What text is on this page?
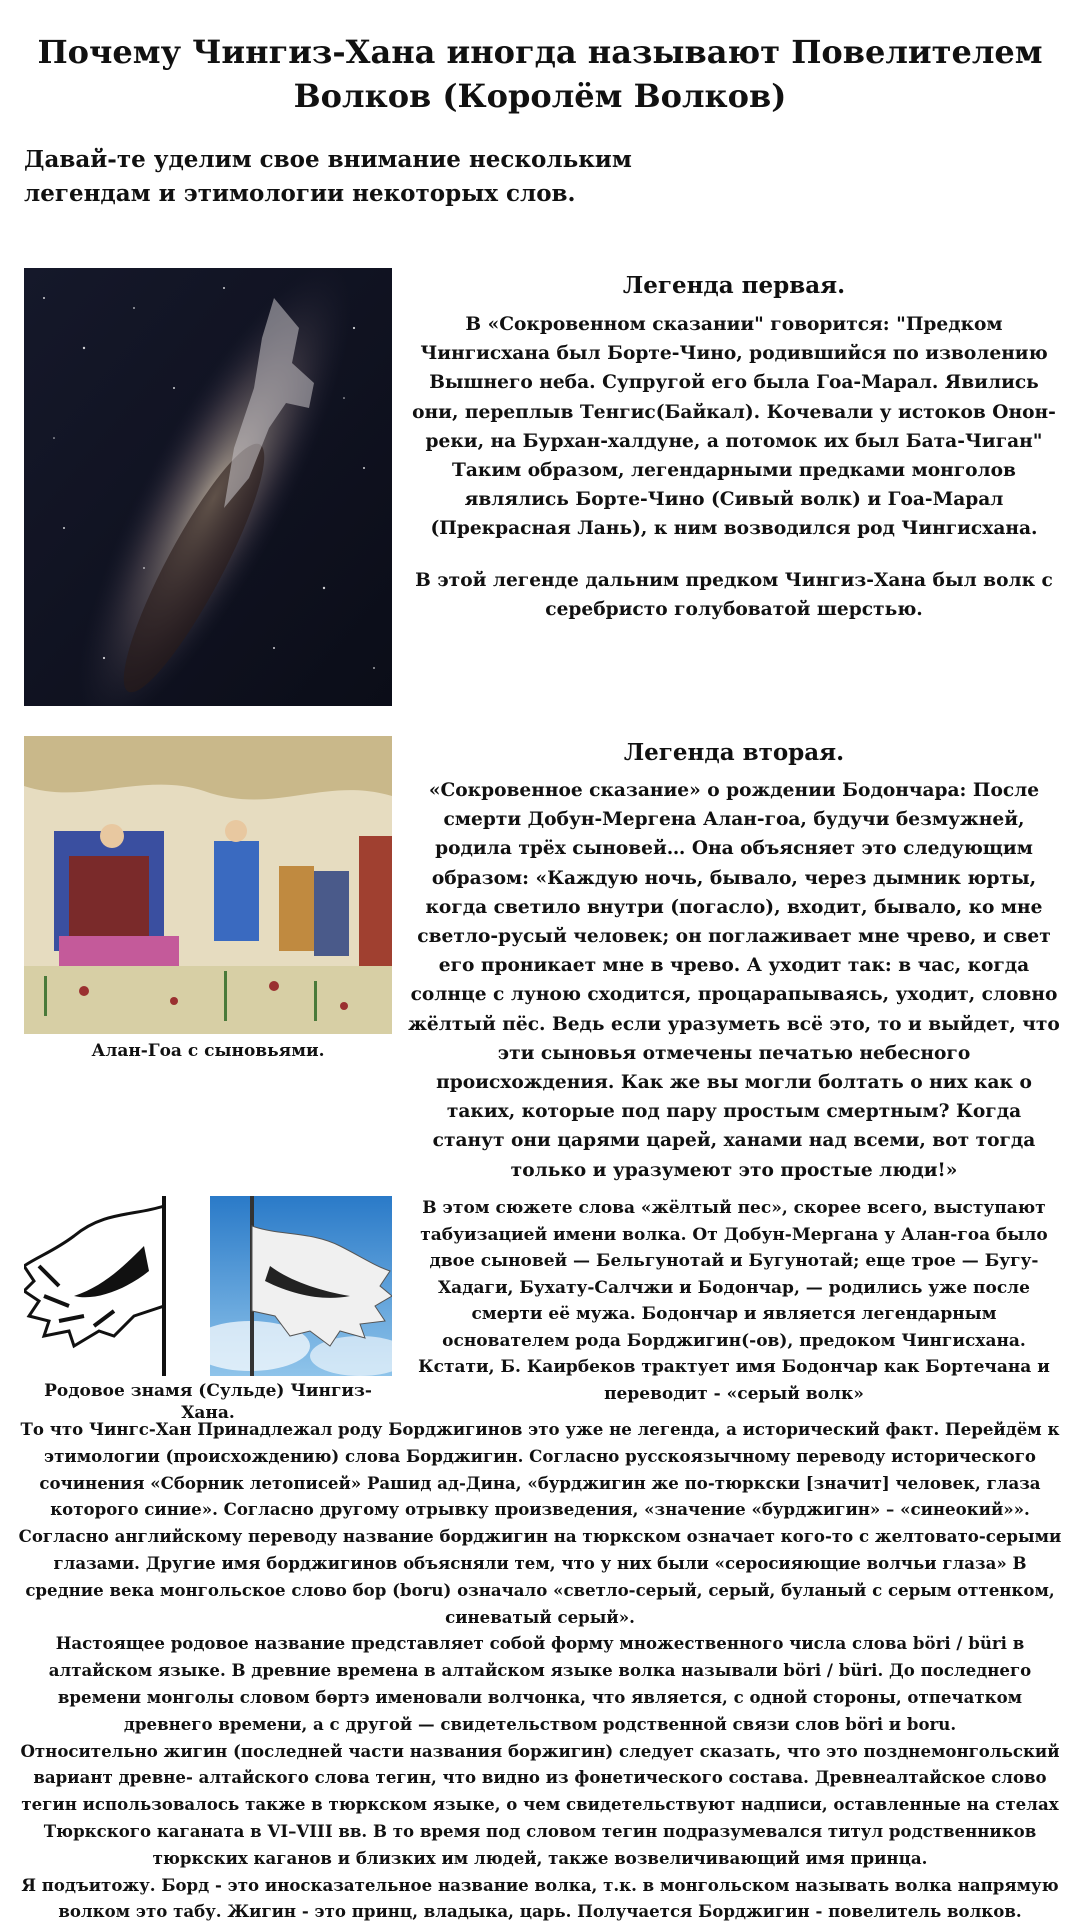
Почему Чингиз-Хана иногда называют Повелителем Волков (Королём Волков)

Давай-те уделим свое внимание нескольким легендам и этимологии некоторых слов.

Легенда первая.

В «Сокровенном сказании" говорится: "Предком Чингисхана был Борте-Чино, родившийся по изволению Вышнего неба. Супругой его была Гоа-Марал. Явились они, переплыв Тенгис(Байкал). Кочевали у истоков Онон-реки, на Бурхан-халдуне, а потомок их был Бата-Чиган" Таким образом, легендарными предками монголов являлись Борте-Чино (Сивый волк) и Гоа-Марал (Прекрасная Лань), к ним возводился род Чингисхана.
В этой легенде дальним предком Чингиз-Хана был волк с серебристо голубоватой шерстью.

Алан-Гоа с сыновьями.
Легенда вторая.

«Сокровенное сказание» о рождении Бодончара: После смерти Добун-Мергена Алан-гоа, будучи безмужней, родила трёх сыновей… Она объясняет это следующим образом: «Каждую ночь, бывало, через дымник юрты, когда светило внутри (погасло), входит, бывало, ко мне светло-русый человек; он поглаживает мне чрево, и свет его проникает мне в чрево. А уходит так: в час, когда солнце с луною сходится, процарапываясь, уходит, словно жёлтый пёс. Ведь если уразуметь всё это, то и выйдет, что эти сыновья отмечены печатью небесного происхождения. Как же вы могли болтать о них как о таких, которые под пару простым смертным? Когда станут они царями царей, ханами над всеми, вот тогда только и уразумеют это простые люди!»

Родовое знамя (Сульде) Чингиз-Хана.

В этом сюжете слова «жёлтый пес», скорее всего, выступают табуизацией имени волка. От Добун-Мергана у Алан-гоа было двое сыновей — Бельгунотай и Бугунотай; еще трое — Бугу-Хадаги, Бухату-Салчжи и Бодончар, — родились уже после смерти её мужа. Бодончар и является легендарным основателем рода Борджигин(-ов), предоком Чингисхана. Кстати, Б. Каирбеков трактует имя Бодончар как Бортечана и переводит - «серый волк»

То что Чингс-Хан Принадлежал роду Борджигинов это уже не легенда, а исторический факт. Перейдём к этимологии (происхождению) слова Борджигин. Согласно русскоязычному переводу исторического сочинения «Сборник летописей» Рашид ад-Дина, «бурджигин же по-тюркски [значит] человек, глаза которого синие». Согласно другому отрывку произведения, «значение «бурджигин» – «синеокий»». Согласно английскому переводу название борджигин на тюркском означает кого-то с желтовато-серыми глазами. Другие имя борджигинов объясняли тем, что у них были «серосияющие волчьи глаза» В средние века монгольское слово бор (boru) означало «светло-серый, серый, буланый с серым оттенком, синеватый серый».
Настоящее родовое название представляет собой форму множественного числа слова böri / büri в алтайском языке. В древние времена в алтайском языке волка называли böri / büri. До последнего времени монголы словом бөртэ именовали волчонка, что является, с одной стороны, отпечатком древнего времени, а с другой — свидетельством родственной связи слов böri и boru.
Относительно жигин (последней части названия боржигин) следует сказать, что это позднемонгольский вариант древне- алтайского слова тегин, что видно из фонетического состава. Древнеалтайское слово тегин использовалось также в тюркском языке, о чем свидетельствуют надписи, оставленные на стелах Тюркского каганата в VI–VIII вв. В то время под словом тегин подразумевался титул родственников тюркских каганов и близких им людей, также возвеличивающий имя принца.
Я подъитожу. Борд - это иносказательное название волка, т.к. в монгольском называть волка напрямую волком это табу. Жигин - это принц, владыка, царь. Получается Борджигин - повелитель волков.
